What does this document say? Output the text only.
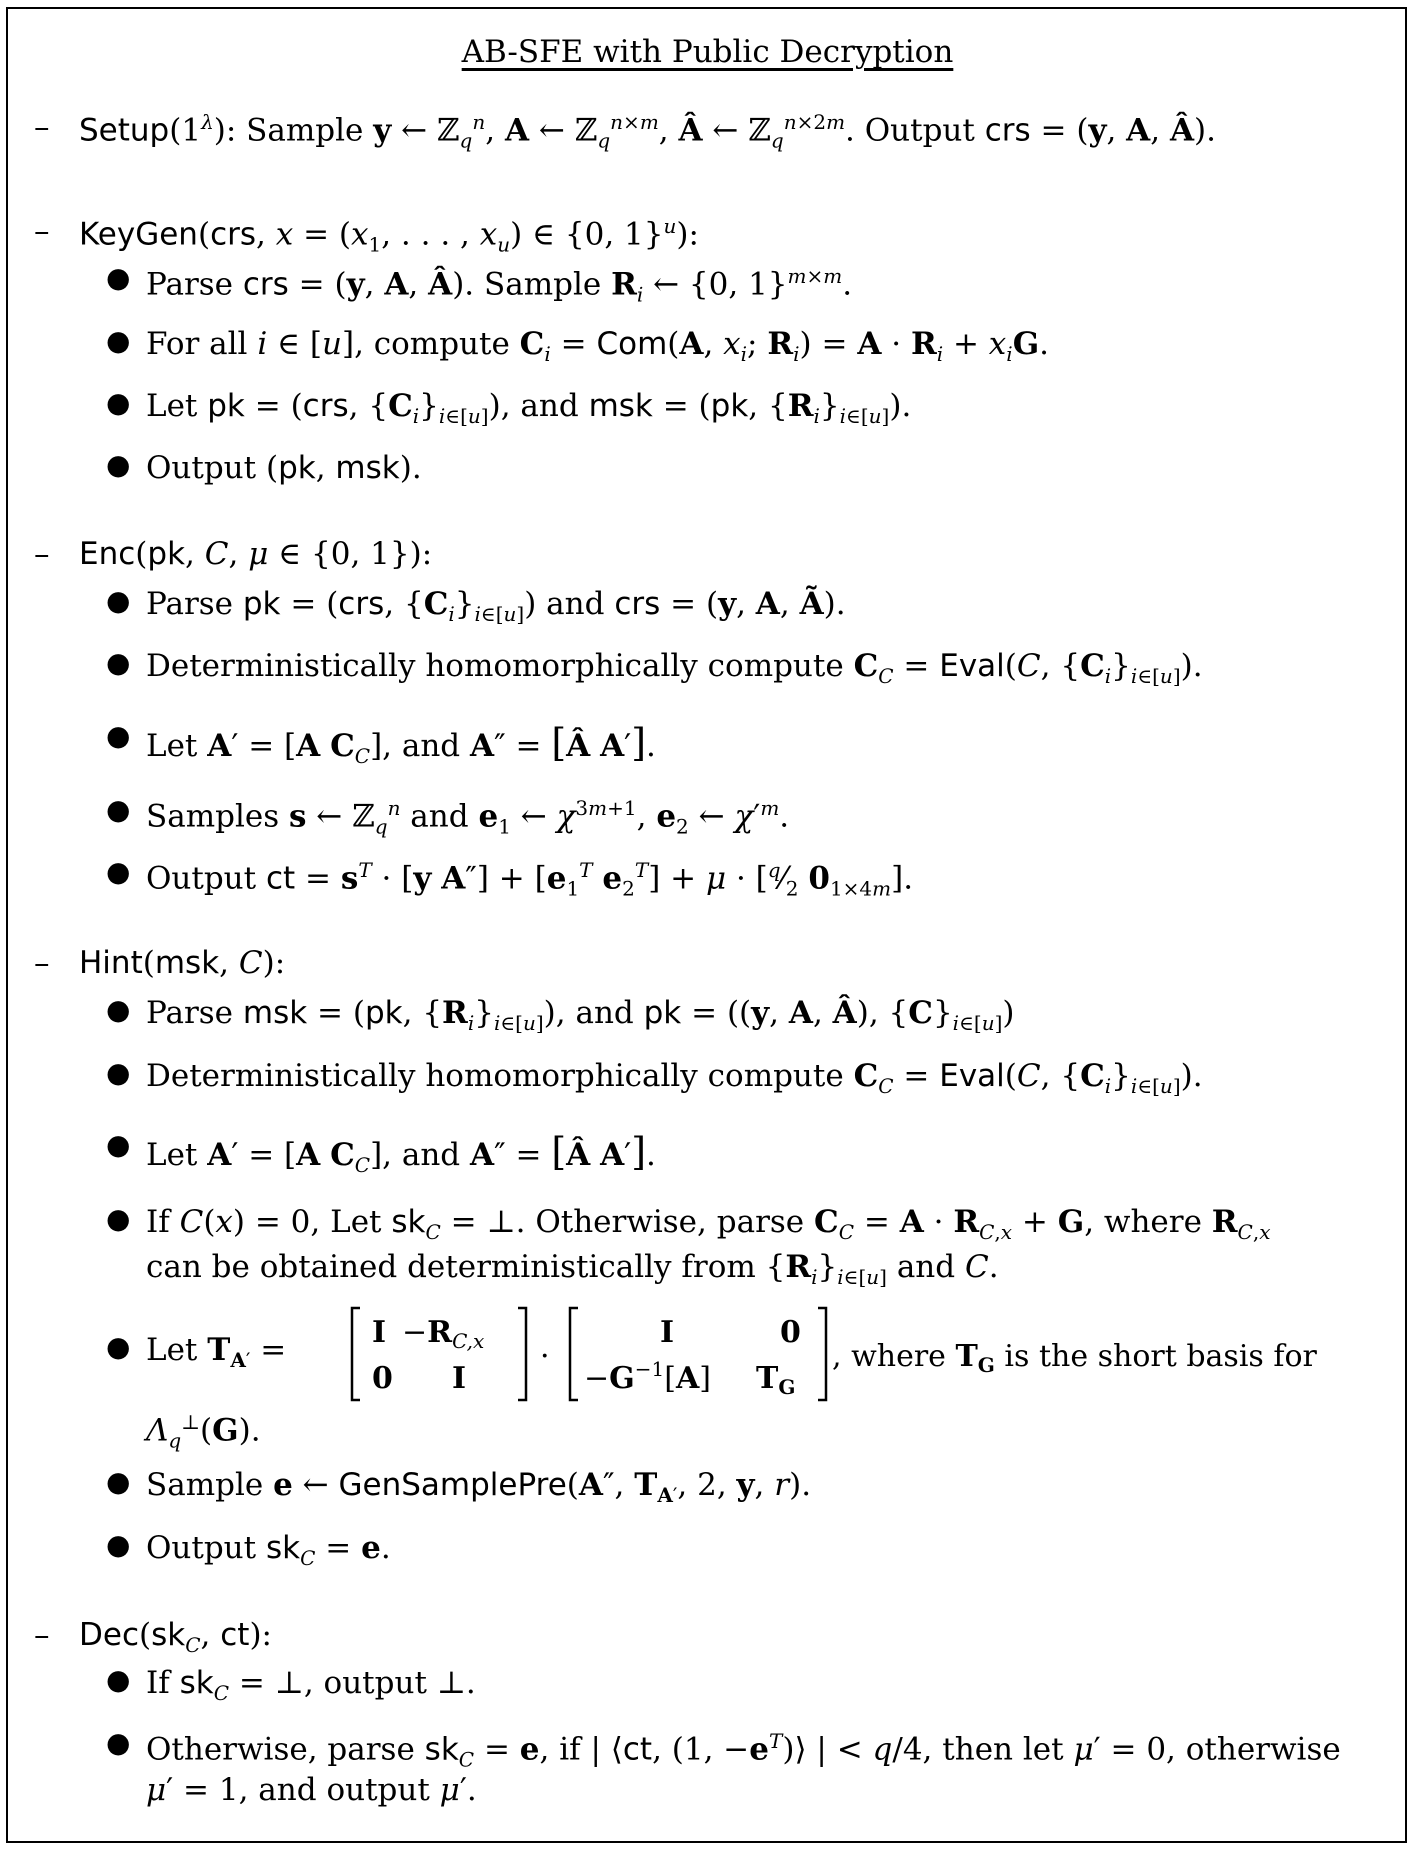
AB-SFE with Public Decryption
– $Setup(1^\lambda)$: Sample y ← ℤ$_q^n$, A ← ℤ$_q^{n\times m}$, Â ← ℤ$_q^{n\times 2m}$. Output crs = (y, A, Â).
– KeyGen(crs, $x = (x_1$, . . . , $x_u$) ∈ {0, 1}$^u$):
● Parse crs = (y, A, Â). Sample $R_i$ ← {0, 1}$^{m\times m}$.
● For all i ∈ [u], compute $C_i = Com(A$, $x_i$; $R_i) = A \cdot R_i + x_iG$.
● Let pk = (crs, $\{C_i\}_{i\in[u]}$), and msk = (pk, $\{R_i\}_{i\in[u]}$).
● Output (pk, msk).
– Enc(pk, C, μ ∈ {0, 1}):
● Parse pk = (crs, $\{C_i\}_{i\in[u]}$) and crs = (y, A, Ã).
● Deterministically homomorphically compute $C_C$ = Eval(C, $\{C_i\}_{i\in[u]}$).
● Let A′ = [A $C_C$], and A″ = [Â A′].
● Samples s ← ℤ$_q^n$ and $e_1$ ← $\chi^{3m+1}$, $e_2$ ← $\chi'^m$.
● Output ct = $s^T \cdot [y$ $A''] + [e_1^T$ $e_2^T] + \mu$ · [$^q⁄_2$ $0_{1\times 4m}$].
– Hint(msk, C):
● Parse msk = (pk, $\{R_i\}_{i\in[u]}$), and pk = ((y, A, Â), $\{C\}_{i\in[u]}$)
● Deterministically homomorphically compute $C_C$ = Eval(C, $\{C_i\}_{i\in[u]}$).
● Let A′ = [A $C_C$], and A″ = [Â A′].
● If C(x) = 0, Let $sk_C$ = ⊥. Otherwise, parse $C_C = A \cdot R_{C,x} + G$, where $R_{C,x}$
can be obtained deterministically from $\{R_i\}_{i\in[u]}$ and C.
● Let $T_{A'}$ =	$I -R_{C,x}$
0 I
·
I	0
$-G^{-1}[A]$ $T_G$
, where $T_G$ is the short basis for
$\Lambda_q^\perp(G)$.
● Sample e ← GenSamplePre(A″, $T_{A'}$, 2, y, r).
● Output $sk_C = e$.
– $Dec(sk_C$, ct):
● If $sk_C$ = ⊥, output ⊥.
● Otherwise, parse $sk_C = e$, if | ⟨ct, (1, $-e^T)⟩$ | < q/4, then let μ′ = 0, otherwise
μ′ = 1, and output μ′.
